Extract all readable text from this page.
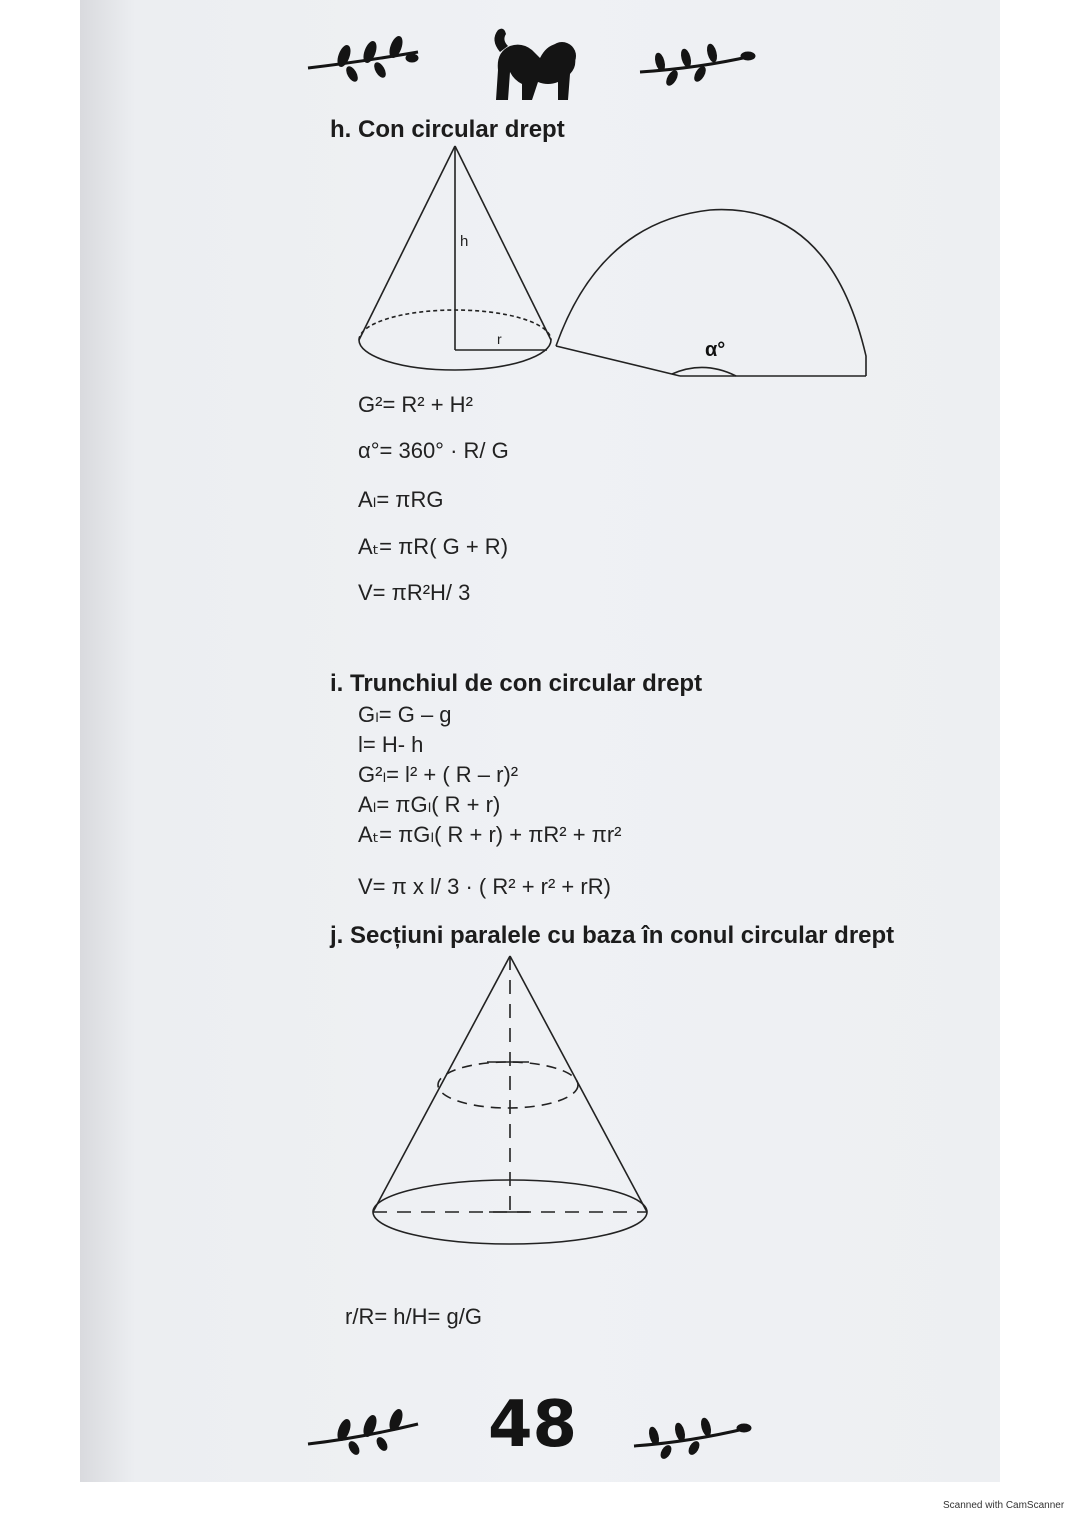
h. Con circular drept
h
r	α°
G²= R² + H²
α°= 360° · R/ G
Aₗ= πRG
Aₜ= πR( G + R)
V= πR²H/ 3
i. Trunchiul de con circular drept
Gₗ= G – g
l= H- h
G²ₗ= l² + ( R – r)²
Aₗ= πGₗ( R + r)
Aₜ= πGₗ( R + r) + πR² + πr²
V= π x l/ 3 · ( R² + r² + rR)
j. Secțiuni paralele cu baza în conul circular drept
r/R= h/H= g/G
48
Scanned with CamScanner
